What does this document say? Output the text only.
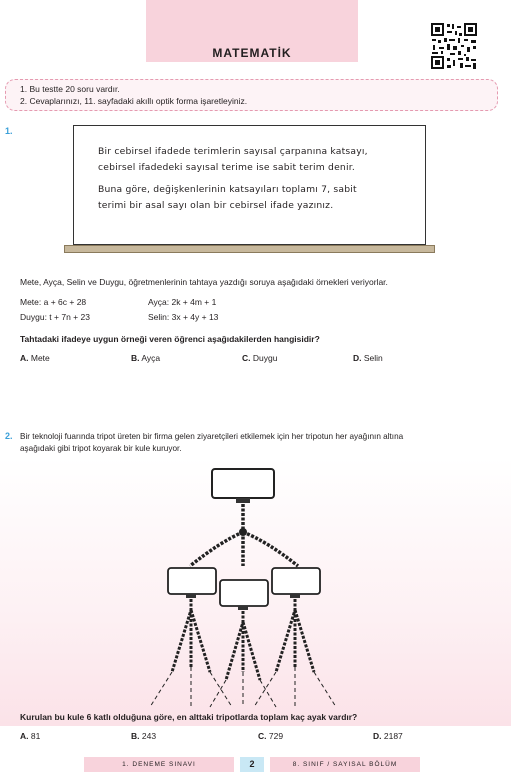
MATEMATİK
1. Bu testte 20 soru vardır.
2. Cevaplarınızı, 11. sayfadaki akıllı optik forma işaretleyiniz.
1.

Bir cebirsel ifadede terimlerin sayısal çarpanına katsayı, cebirsel ifadedeki sayısal terime ise sabit terim denir.

Buna göre, değişkenlerinin katsayıları toplamı 7, sabit terimi bir asal sayı olan bir cebirsel ifade yazınız.

Mete, Ayça, Selin ve Duygu, öğretmenlerinin tahtaya yazdığı soruya aşağıdaki örnekleri veriyorlar.
Mete: a + 6c + 28	Ayça: 2k + 4m + 1
Duygu: t + 7n + 23	Selin: 3x + 4y + 13
Tahtadaki ifadeye uygun örneği veren öğrenci aşağıdakilerden hangisidir?
A. Mete	B. Ayça	C. Duygu	D. Selin
2. Bir teknoloji fuarında tripot üreten bir firma gelen ziyaretçileri etkilemek için her tripotun her ayağının altına
aşağıdaki gibi tripot koyarak bir kule kuruyor.
Kurulan bu kule 6 katlı olduğuna göre, en alttaki tripotlarda toplam kaç ayak vardır?
A. 81	B. 243	C. 729	D. 2187
1. DENEME SINAVI	2	8. SINIF / SAYISAL BÖLÜM
